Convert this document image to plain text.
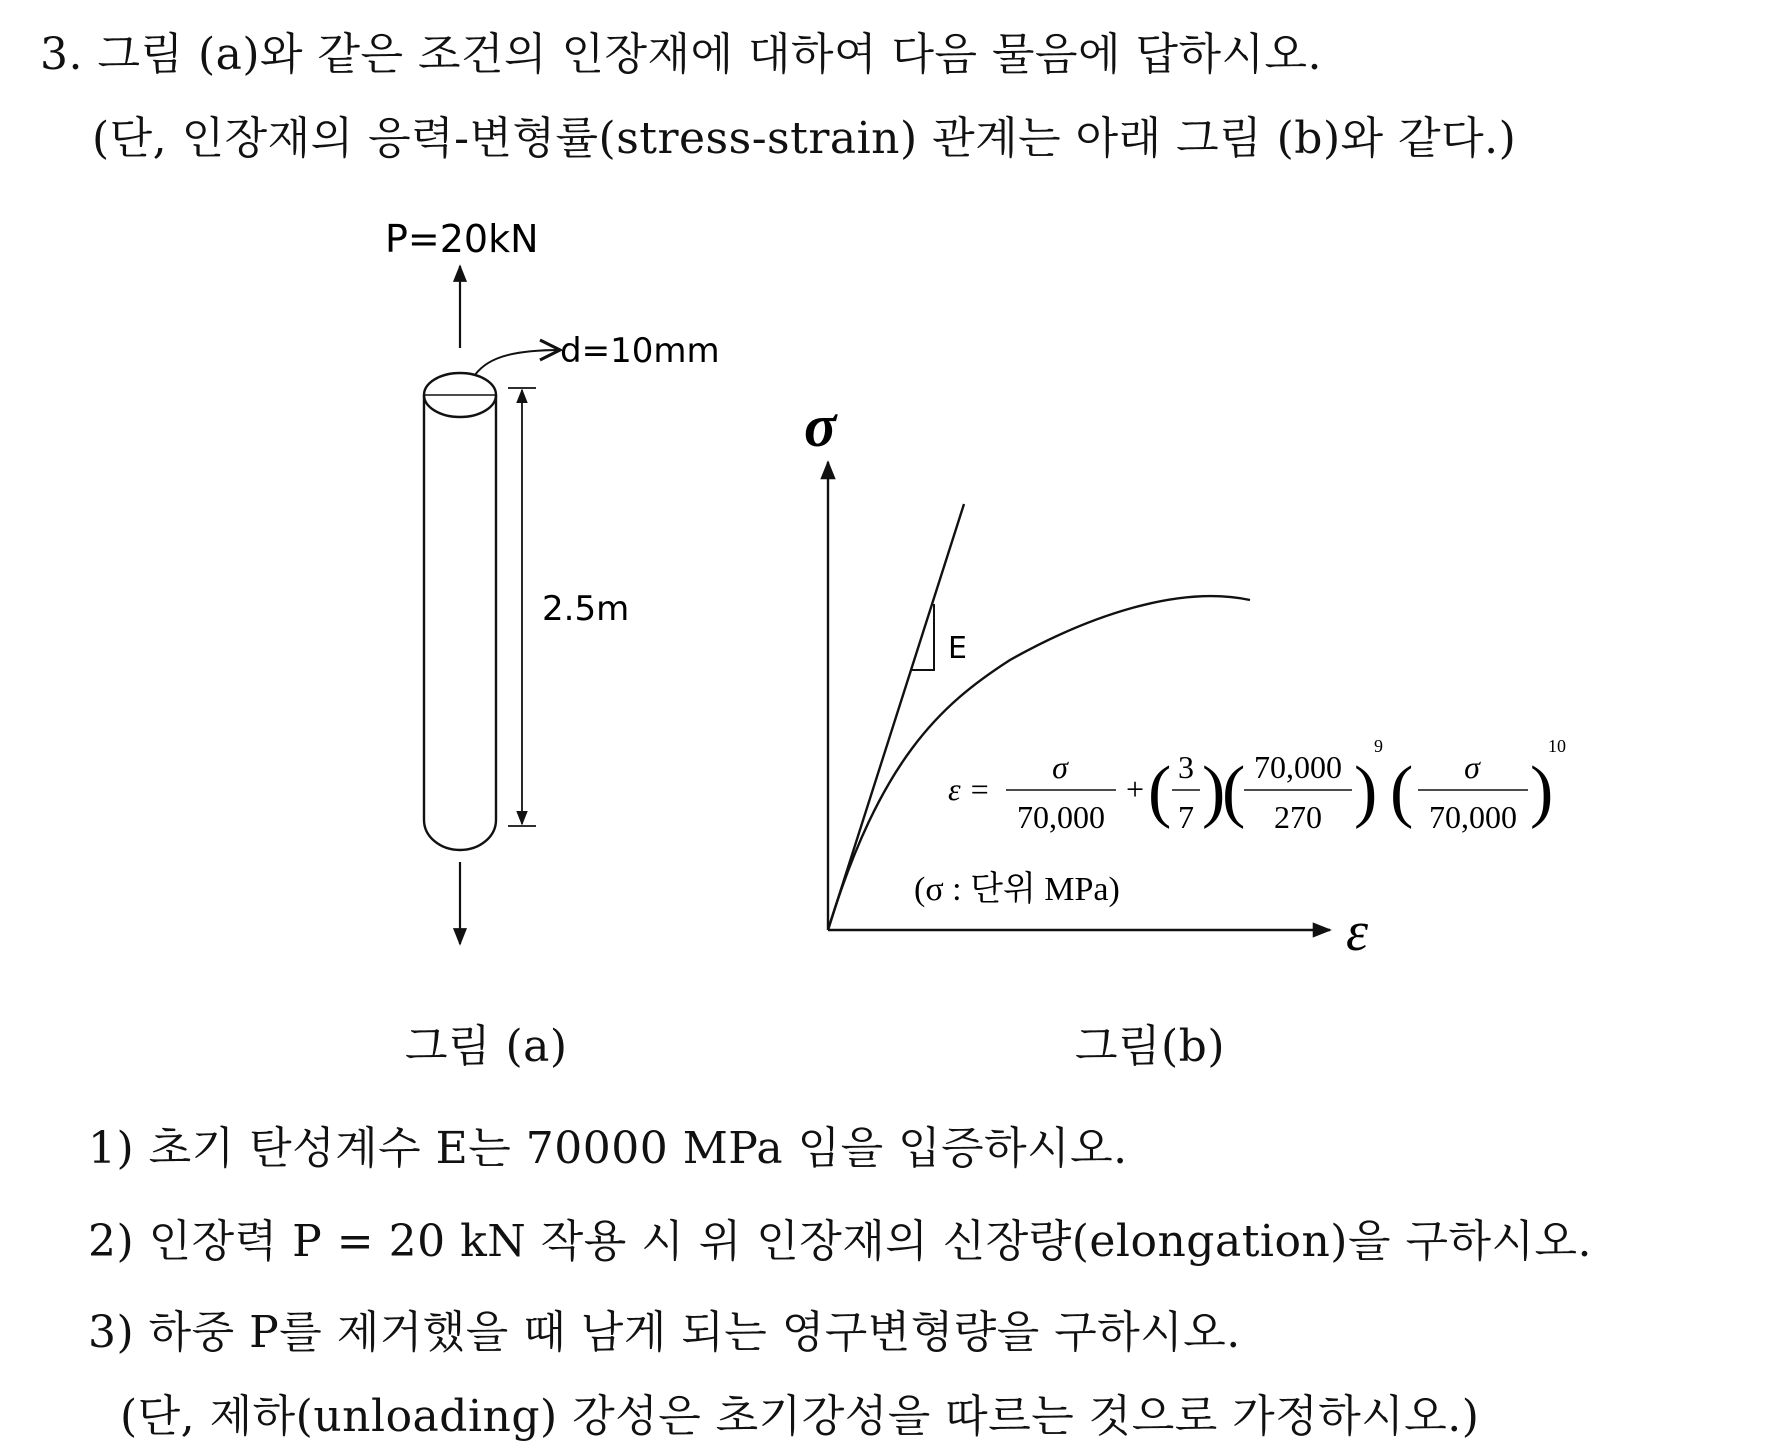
3. 그림 (a)와 같은 조건의 인장재에 대하여 다음 물음에 답하시오.
(단, 인장재의 응력-변형률(stress-strain) 관계는 아래 그림 (b)와 같다.)
P=20kN
d=10mm
2.5m
σ
ε
E
ε =
σ
70,000
+ ( 3
7 )
( 70,000
270 )
9
( σ
70,000 )
10
(σ : 단위 MPa)
그림 (a)	그림(b)
1) 초기 탄성계수 E는 70000 MPa 임을 입증하시오.
2) 인장력 P = 20 kN 작용 시 위 인장재의 신장량(elongation)을 구하시오.
3) 하중 P를 제거했을 때 남게 되는 영구변형량을 구하시오.
(단, 제하(unloading) 강성은 초기강성을 따르는 것으로 가정하시오.)
